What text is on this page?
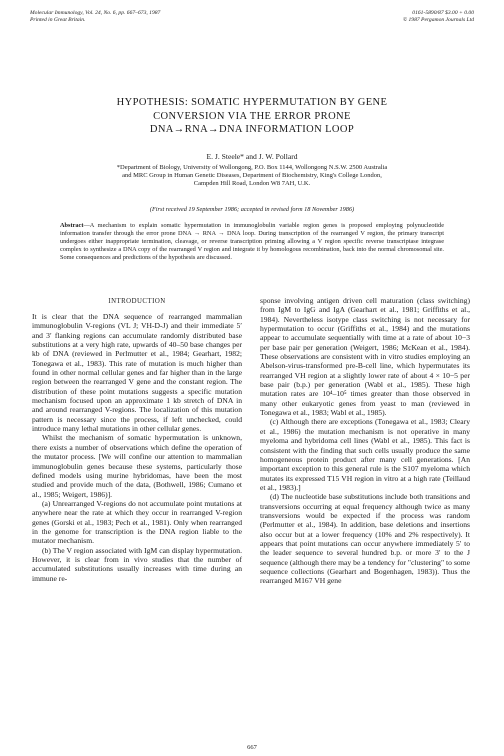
Molecular Immunology, Vol. 24, No. 6, pp. 667–673, 1987
Printed in Great Britain.
0161-5890/87 $3.00 + 0.00
© 1987 Pergamon Journals Ltd
HYPOTHESIS: SOMATIC HYPERMUTATION BY GENE
CONVERSION VIA THE ERROR PRONE
DNA→RNA→DNA INFORMATION LOOP
E. J. Steele* and J. W. Pollard
*Department of Biology, University of Wollongong, P.O. Box 1144, Wollongong N.S.W. 2500 Australia
and MRC Group in Human Genetic Diseases, Department of Biochemistry, King's College London,
Campden Hill Road, London W8 7AH, U.K.
(First received 19 September 1986; accepted in revised form 18 November 1986)
Abstract—A mechanism to explain somatic hypermutation in immunoglobulin variable region genes is proposed employing polynucleotide information transfer through the error prone DNA → RNA → DNA loop. During transcription of the rearranged V region, the primary transcript undergoes either inappropriate termination, cleavage, or reverse transcription priming allowing a V region specific reverse transcriptase integrase complex to synthesize a DNA copy of the rearranged V region and integrate it by homologous recombination, back into the normal chromosomal site. Some consequences and predictions of the hypothesis are discussed.

It is clear that the DNA sequence of rearranged mammalian immunoglobulin V-regions (VL J; VH-D-J) and their immediate 5′ and 3′ flanking regions can accumulate randomly distributed base substitutions at a very high rate, upwards of 40–50 base changes per kb of DNA (reviewed in Perlmutter et al., 1984; Gearhart, 1982; Tonegawa et al., 1983). This rate of mutation is much higher than found in other normal cellular genes and far higher than in the large region between the rearranged V gene and the constant region. The distribution of these point mutations suggests a specific mutation mechanism focused upon an approximate 1 kb stretch of DNA in and around rearranged V-regions. The localization of this mutation pattern is necessary since the process, if left unchecked, could introduce many lethal mutations in other cellular genes.

Whilst the mechanism of somatic hypermutation is unknown, there exists a number of observations which define the operation of the mutator process. [We will confine our attention to mammalian immunoglobulin genes because these systems, particularly those defined models using murine hybridomas, have been the most studied and provide much of the data, (Bothwell, 1986; Cumano et al., 1985; Weigert, 1986)].

(a) Unrearranged V-regions do not accumulate point mutations at anywhere near the rate at which they occur in rearranged V-region genes (Gorski et al., 1983; Pech et al., 1981). Only when rearranged in the genome for transcription is the DNA region liable to the mutator mechanism.

(b) The V region associated with IgM can display hypermutation. However, it is clear from in vivo studies that the number of accumulated substitutions usually increases with time during an immune re-

sponse involving antigen driven cell maturation (class switching) from IgM to IgG and IgA (Gearhart et al., 1981; Griffiths et al., 1984). Nevertheless isotype class switching is not necessary for hypermutation to occur (Griffiths et al., 1984) and the mutations appear to accumulate sequentially with time at a rate of about 10−3 per base pair per generation (Weigert, 1986; McKean et al., 1984). These observations are consistent with in vitro studies employing an Abelson-virus-transformed pre-B-cell line, which hypermutates its rearranged VH region at a slightly lower rate of about 4 × 10−5 per base pair (b.p.) per generation (Wabl et al., 1985). These high mutation rates are 10⁴–10⁵ times greater than those observed in many other eukaryotic genes from yeast to man (reviewed in Tonegawa et al., 1983; Wabl et al., 1985).

(c) Although there are exceptions (Tonegawa et al., 1983; Cleary et al., 1986) the mutation mechanism is not operative in many myeloma and hybridoma cell lines (Wabl et al., 1985). This fact is consistent with the finding that such cells usually produce the same homogeneous protein product after many cell generations. [An important exception to this general rule is the S107 myeloma which mutates its expressed T15 VH region in vitro at a high rate (Teillaud et al., 1983).]

(d) The nucleotide base substitutions include both transitions and transversions occurring at equal frequency although twice as many transversions would be expected if the process was random (Perlmutter et al., 1984). In addition, base deletions and insertions also occur but at a lower frequency (10% and 2% respectively). It appears that point mutations can occur anywhere immediately 5′ to the leader sequence to several hundred b.p. or more 3′ to the J sequence (although there may be a tendency for "clustering" to some sequence collections (Gearhart and Bogenhagen, 1983)). Thus the rearranged M167 VH gene

INTRODUCTION
667
